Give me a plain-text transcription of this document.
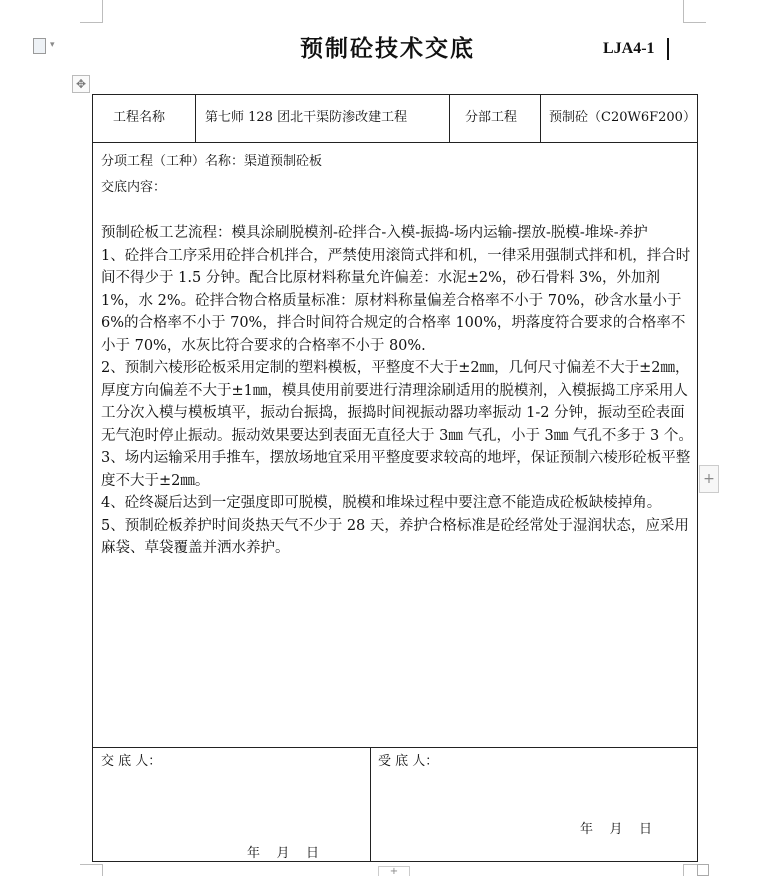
▾	预制砼技术交底	LJA4-1
✥
+
+
工程名称	第七师 128 团北干渠防渗改建工程	分部工程 预制砼（C20W6F200）
分项工程（工种）名称：渠道预制砼板
交底内容：

预制砼板工艺流程：模具涂刷脱模剂-砼拌合-入模-振捣-场内运输-摆放-脱模-堆垛-养护

1、砼拌合工序采用砼拌合机拌合，严禁使用滚筒式拌和机，一律采用强制式拌和机，拌合时间不得少于 1.5 分钟。配合比原材料称量允许偏差：水泥±2%，砂石骨料 3%，外加剂 1%，水 2%。砼拌合物合格质量标准：原材料称量偏差合格率不小于 70%，砂含水量小于 6%的合格率不小于 70%，拌合时间符合规定的合格率 100%，坍落度符合要求的合格率不小于 70%，水灰比符合要求的合格率不小于 80%.

2、预制六棱形砼板采用定制的塑料模板，平整度不大于±2㎜，几何尺寸偏差不大于±2㎜，厚度方向偏差不大于±1㎜，模具使用前要进行清理涂刷适用的脱模剂，入模振捣工序采用人工分次入模与模板填平，振动台振捣，振捣时间视振动器功率振动 1-2 分钟，振动至砼表面无气泡时停止振动。振动效果要达到表面无直径大于 3㎜ 气孔，小于 3㎜ 气孔不多于 3 个。

3、场内运输采用手推车，摆放场地宜采用平整度要求较高的地坪，保证预制六棱形砼板平整度不大于±2㎜。

4、砼终凝后达到一定强度即可脱模，脱模和堆垛过程中要注意不能造成砼板缺棱掉角。

5、预制砼板养护时间炎热天气不少于 28 天，养护合格标准是砼经常处于湿润状态，应采用麻袋、草袋覆盖并洒水养护。

交 底 人：	受 底 人：
年    月    日
年    月    日
